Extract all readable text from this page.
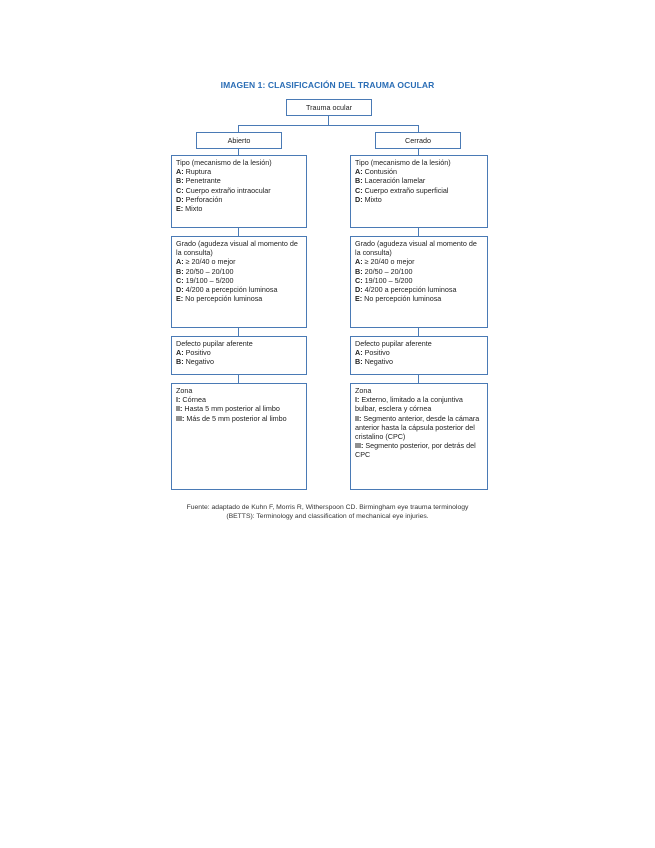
IMAGEN 1: CLASIFICACIÓN DEL TRAUMA OCULAR
Trauma ocular
Abierto	Cerrado
Tipo (mecanismo de la lesión)
A: Ruptura
B: Penetrante
C: Cuerpo extraño intraocular
D: Perforación
E: Mixto
Grado (agudeza visual al momento de la consulta)
A: ≥ 20/40 o mejor
B: 20/50 – 20/100
C: 19/100 – 5/200
D: 4/200 a percepción luminosa
E: No percepción luminosa
Defecto pupilar aferente
A: Positivo
B: Negativo
Zona
I: Córnea
II: Hasta 5 mm posterior al limbo
III: Más de 5 mm posterior al limbo
Tipo (mecanismo de la lesión)
A: Contusión
B: Laceración lamelar
C: Cuerpo extraño superficial
D: Mixto
Grado (agudeza visual al momento de la consulta)
A: ≥ 20/40 o mejor
B: 20/50 – 20/100
C: 19/100 – 5/200
D: 4/200 a percepción luminosa
E: No percepción luminosa
Defecto pupilar aferente
A: Positivo
B: Negativo
Zona
I: Externo, limitado a la conjuntiva bulbar, esclera y córnea
II: Segmento anterior, desde la cámara anterior hasta la cápsula posterior del cristalino (CPC)
III: Segmento posterior, por detrás del CPC
Fuente: adaptado de Kuhn F, Morris R, Witherspoon CD. Birmingham eye trauma terminology
(BETTS): Terminology and classification of mechanical eye injuries.
